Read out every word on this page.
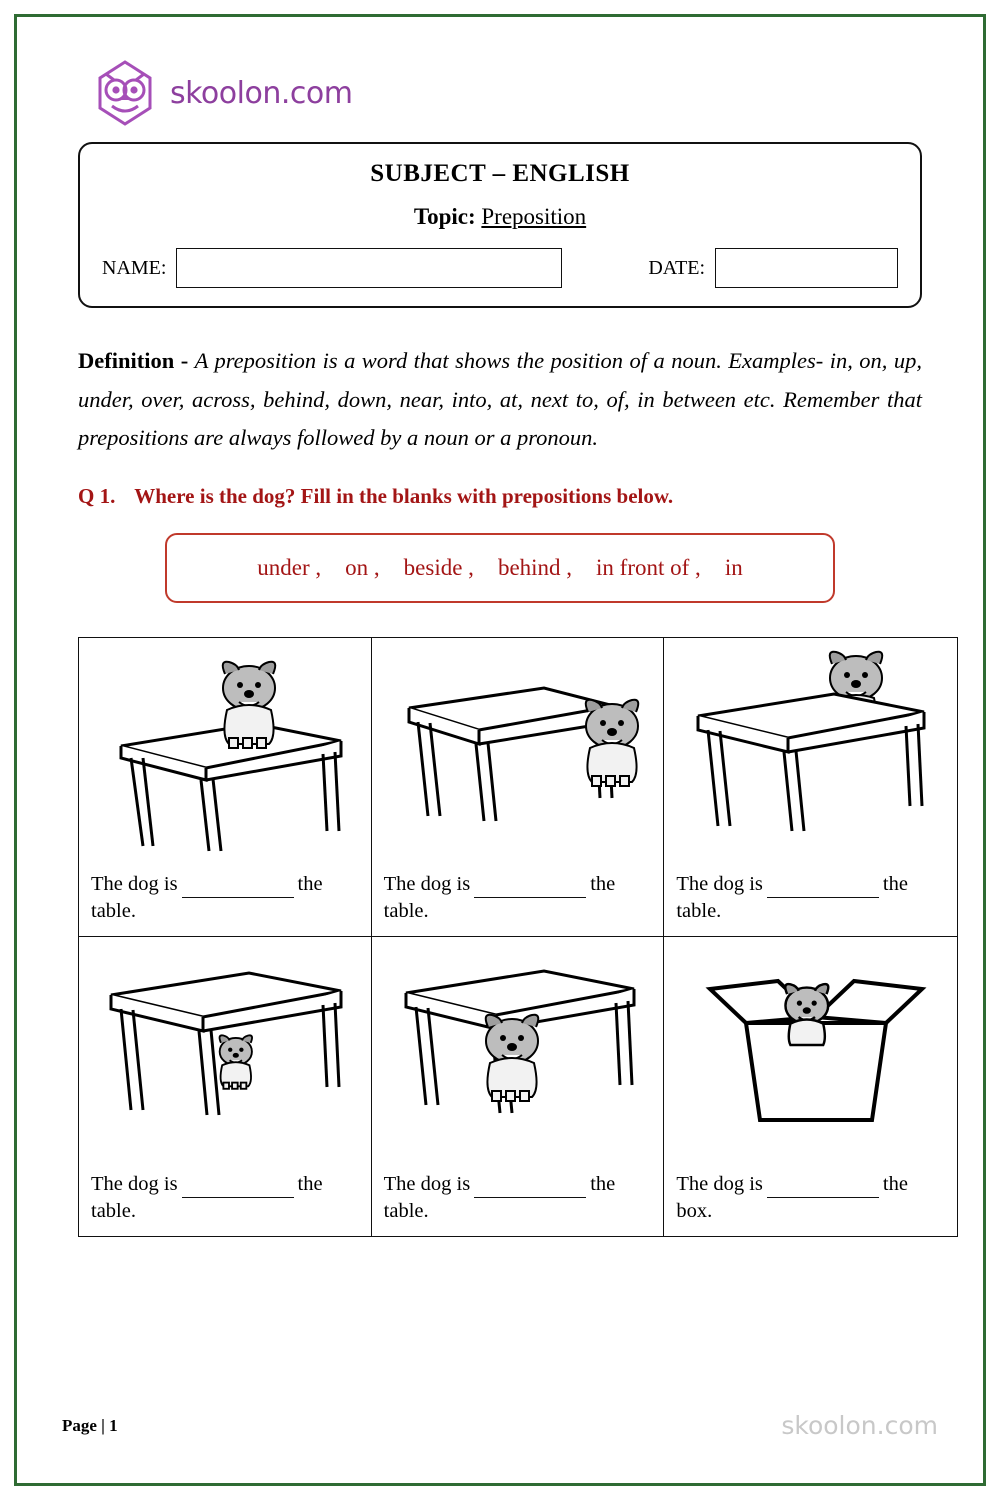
skoolon.com
SUBJECT – ENGLISH
Topic: Preposition
NAME:	DATE:
Definition - A preposition is a word that shows the position of a noun. Examples- in, on, up, under, over, across, behind, down, near, into, at, next to, of, in between etc. Remember that prepositions are always followed by a noun or a pronoun.
Q 1. Where is the dog? Fill in the blanks with prepositions below.
under ,	on ,	beside ,	behind ,	in front of ,	in
The dog is	the
table.
The dog is	the
table.
The dog is	the
table.
The dog is	the
table.
The dog is	the
table.
The dog is	the
box.
Page | 1	skoolon.com
